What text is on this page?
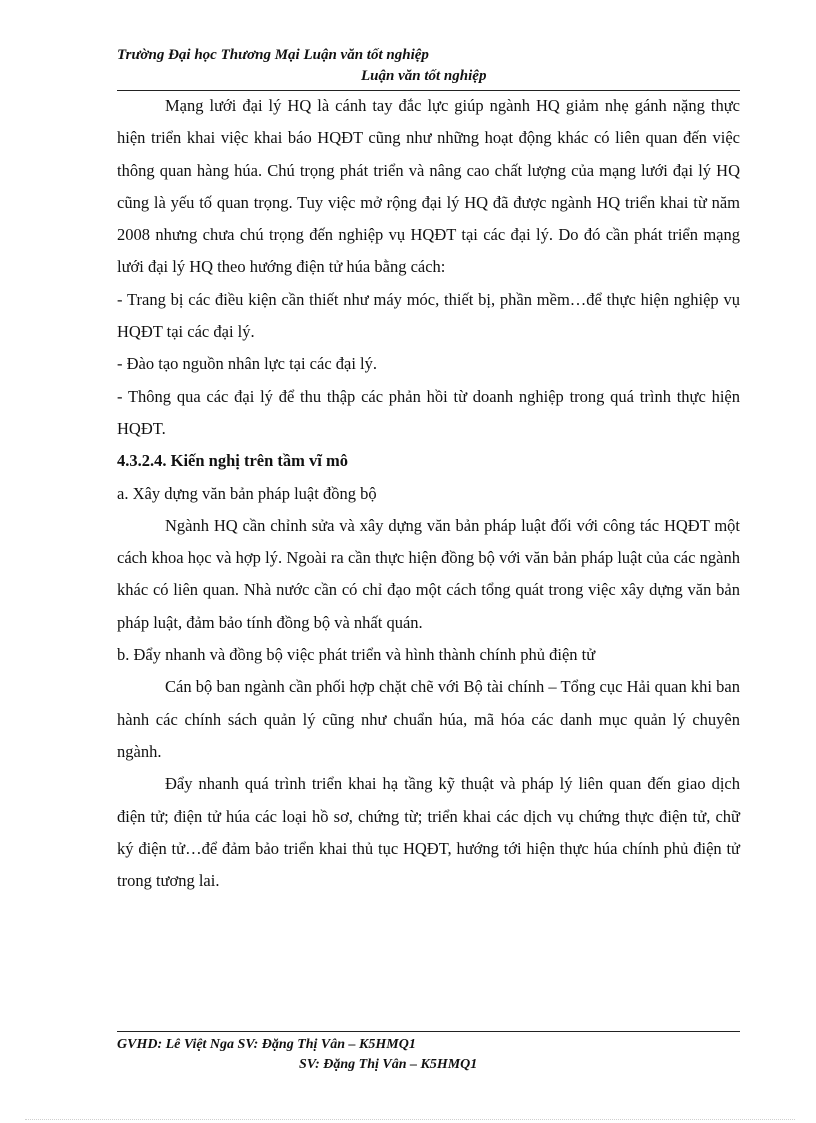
Trường Đại học Thương Mại Luận văn tốt nghiệp
Luận văn tốt nghiệp

Mạng lưới đại lý HQ là cánh tay đắc lực giúp ngành HQ giảm nhẹ gánh nặng thực hiện triển khai việc khai báo HQĐT cũng như những hoạt động khác có liên quan đến việc thông quan hàng húa. Chú trọng phát triển và nâng cao chất lượng của mạng lưới đại lý HQ cũng là yếu tố quan trọng. Tuy việc mở rộng đại lý HQ đã được ngành HQ triển khai từ năm 2008 nhưng chưa chú trọng đến nghiệp vụ HQĐT tại các đại lý. Do đó cần phát triển mạng lưới đại lý HQ theo hướng điện tử húa bằng cách:

- Trang bị các điều kiện cần thiết như máy móc, thiết bị, phần mềm…để thực hiện nghiệp vụ HQĐT tại các đại lý.

- Đào tạo nguồn nhân lực tại các đại lý.

- Thông qua các đại lý để thu thập các phản hồi từ doanh nghiệp trong quá trình thực hiện HQĐT.

4.3.2.4. Kiến nghị trên tầm vĩ mô

a. Xây dựng văn bản pháp luật đồng bộ

Ngành HQ cần chỉnh sửa và xây dựng văn bản pháp luật đối với công tác HQĐT một cách khoa học và hợp lý. Ngoài ra cần thực hiện đồng bộ với văn bản pháp luật của các ngành khác có liên quan. Nhà nước cần có chỉ đạo một cách tổng quát trong việc xây dựng văn bản pháp luật, đảm bảo tính đồng bộ và nhất quán.

b. Đẩy nhanh và đồng bộ việc phát triển và hình thành chính phủ điện tử

Cán bộ ban ngành cần phối hợp chặt chẽ với Bộ tài chính – Tổng cục Hải quan khi ban hành các chính sách quản lý cũng như chuẩn húa, mã hóa các danh mục quản lý chuyên ngành.

Đẩy nhanh quá trình triển khai hạ tầng kỹ thuật và pháp lý liên quan đến giao dịch điện tử; điện tử húa các loại hồ sơ, chứng từ; triển khai các dịch vụ chứng thực điện tử, chữ ký điện tử…để đảm bảo triển khai thủ tục HQĐT, hướng tới hiện thực húa chính phủ điện tử trong tương lai.

GVHD: Lê Việt Nga SV: Đặng Thị Vân – K5HMQ1
SV: Đặng Thị Vân – K5HMQ1
